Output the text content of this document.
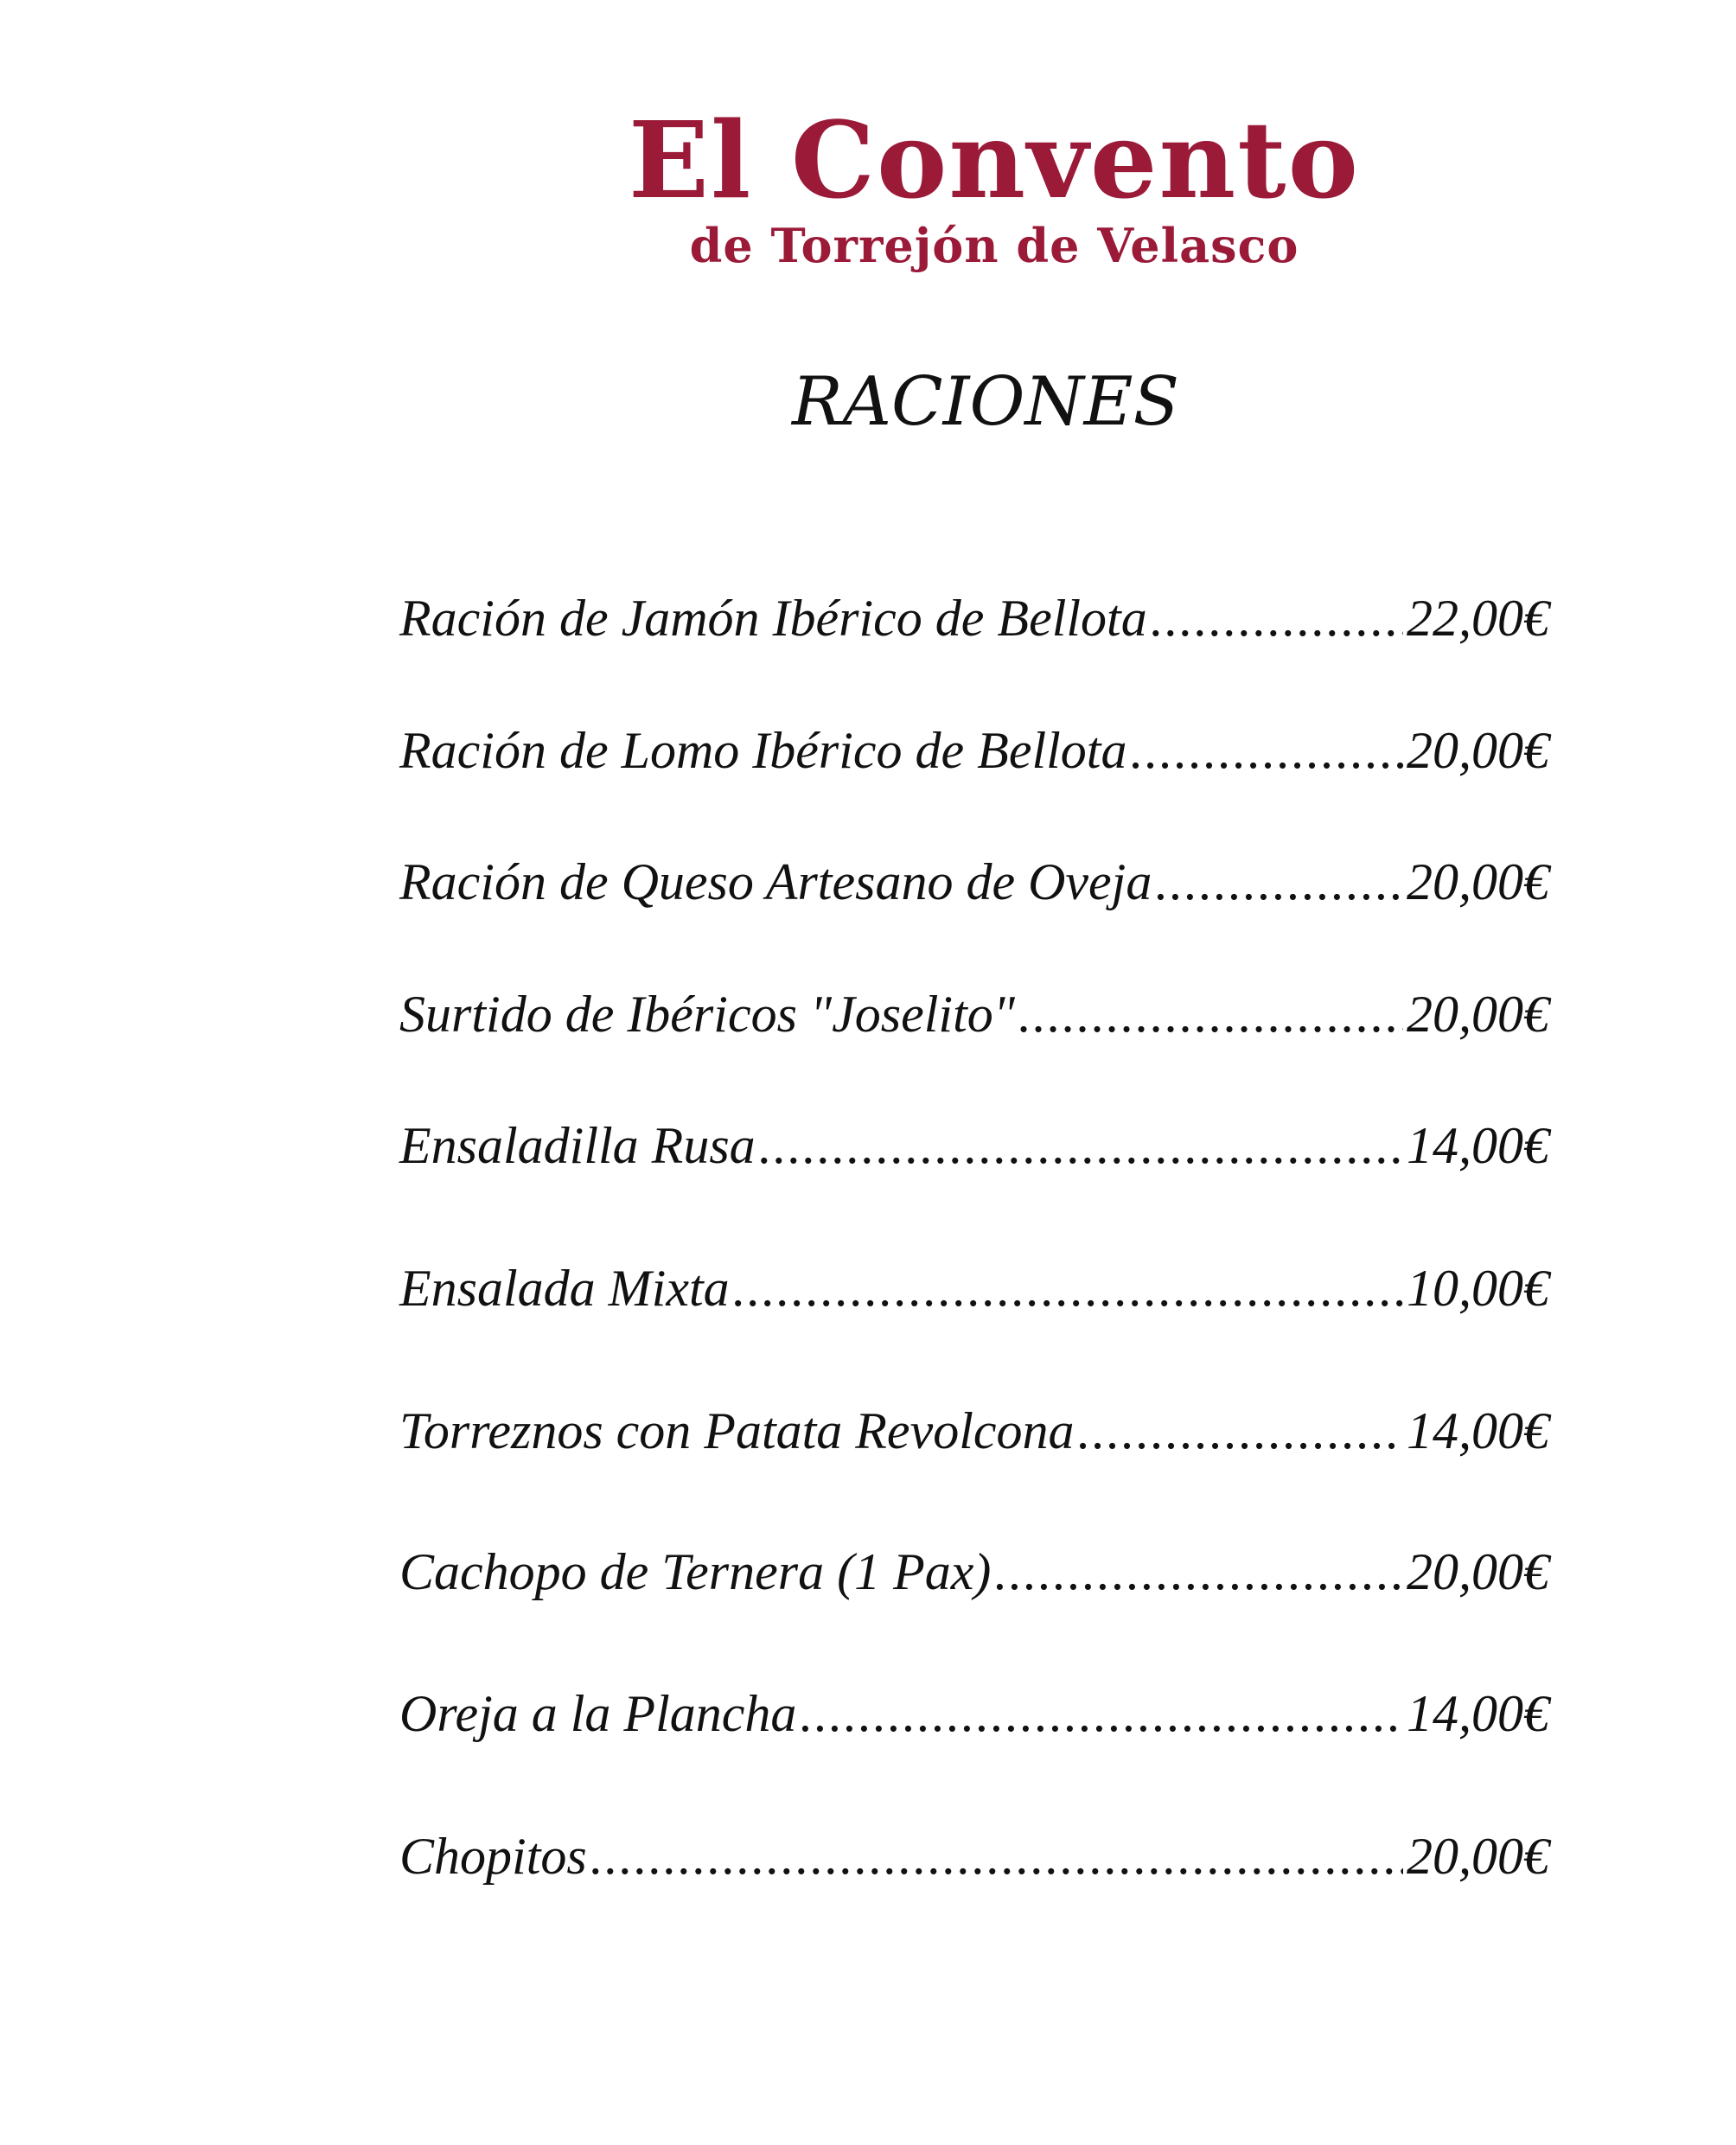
El Convento
de Torrejón de Velasco
RACIONES
Ración de Jamón Ibérico de Bellota .....	22,00€
Ración de Lomo Ibérico de Bellota .....	20,00€
Ración de Queso Artesano de Oveja .....	20,00€
Surtido de Ibéricos "Joselito" .....	20,00€
Ensaladilla Rusa .....	14,00€
Ensalada Mixta .....	10,00€
Torreznos con Patata Revolcona .....	14,00€
Cachopo de Ternera (1 Pax) .....	20,00€
Oreja a la Plancha .....	14,00€
Chopitos .....	20,00€
